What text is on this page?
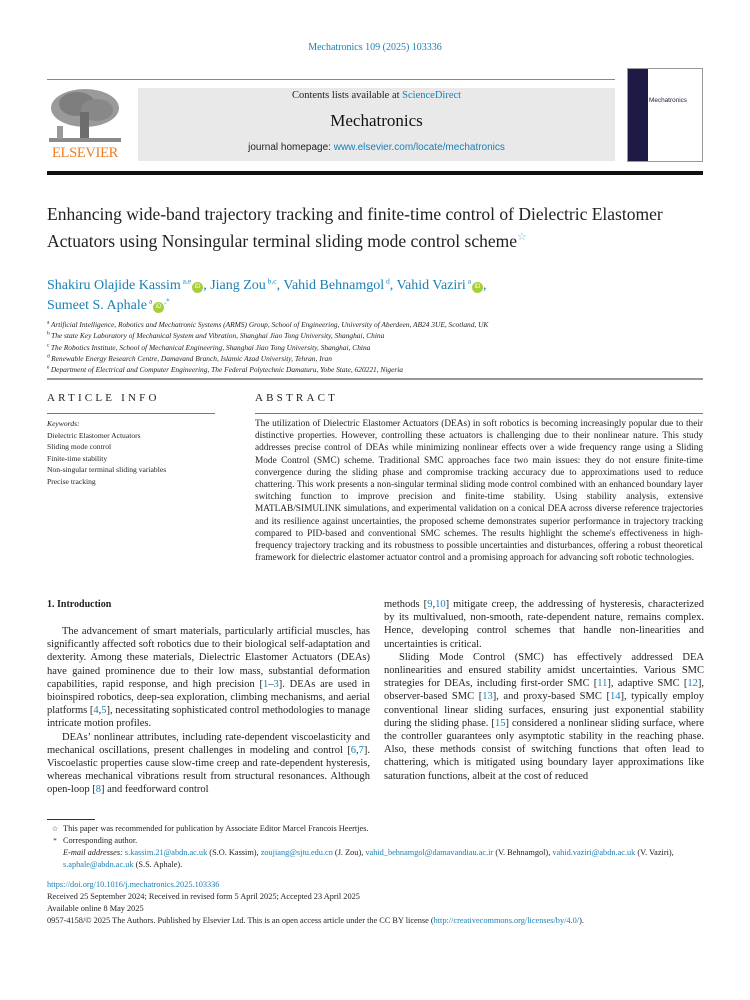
Mechatronics 109 (2025) 103336
ELSEVIER
Contents lists available at ScienceDirect
Mechatronics
journal homepage: www.elsevier.com/locate/mechatronics
Mechatronics
Enhancing wide-band trajectory tracking and finite-time control of Dielectric Elastomer Actuators using Nonsingular terminal sliding mode control scheme☆
Shakiru Olajide Kassim $^{a,e}$iD , Jiang Zou $^{b,c}$, Vahid Behnamgol $^d$, Vahid Vaziri $^a$iD ,
Sumeet S. Aphale $^a$iD,*
$^a$ Artificial Intelligence, Robotics and Mechatronic Systems (ARMS) Group, School of Engineering, University of Aberdeen, AB24 3UE, Scotland, UK
$^b$ The state Key Laboratory of Mechanical System and Vibration, Shanghai Jiao Tong University, Shanghai, China
$^c$ The Robotics Institute, School of Mechanical Engineering, Shanghai Jiao Tong University, Shanghai, China
$^d$ Renewable Energy Research Centre, Damavand Branch, Islamic Azad University, Tehran, Iran
$^e$ Department of Electrical and Computer Engineering, The Federal Polytechnic Damaturu, Yobe State, 620221, Nigeria
ARTICLE INFO
Keywords:
Dielectric Elastomer Actuators
Sliding mode control
Finite-time stability
Non-singular terminal sliding variables
Precise tracking
ABSTRACT
The utilization of Dielectric Elastomer Actuators (DEAs) in soft robotics is becoming increasingly popular due to their distinctive properties. However, controlling these actuators is challenging due to their nonlinear nature. This study addresses precise control of DEAs while minimizing nonlinear effects over a wide frequency range using a Sliding Mode Control (SMC) scheme. Traditional SMC approaches face two main issues: they do not ensure finite-time convergence during the sliding phase and compromise tracking accuracy due to approximations used to reduce chattering. This work presents a non-singular terminal sliding mode control combined with an enhanced boundary layer switching function to improve precision and finite-time stability. Using stability analysis, extensive MATLAB/SIMULINK simulations, and experimental validation on a conical DEA across diverse reference trajectories and its resilience against uncertainties, the proposed scheme demonstrates superior performance in trajectory tracking compared to PID-based and conventional SMC schemes. The results highlight the scheme's effectiveness in high-frequency trajectory tracking and its robustness to possible uncertainties and disturbances, offering a robust theoretical framework for dielectric elastomer actuator control and a promising approach for advancing soft robotic technologies.
1. Introduction

The advancement of smart materials, particularly artificial muscles, has significantly affected soft robotics due to their biological self-adaptation and dexterity. Among these materials, Dielectric Elastomer Actuators (DEAs) have gained prominence due to their low mass, substantial deformation capabilities, rapid response, and high precision [1–3]. DEAs are used in bioinspired robotics, deep-sea exploration, climbing mechanisms, and aerial platforms [4,5], necessitating sophisticated control methodologies to manage intricate motion profiles.

DEAs’ nonlinear attributes, including rate-dependent viscoelasticity and mechanical oscillations, present challenges in modeling and control [6,7]. Viscoelastic properties cause slow-time creep and rate-dependent hysteresis, whereas mechanical vibrations result from structural resonances. Although open-loop [8] and feedforward control

methods [9,10] mitigate creep, the addressing of hysteresis, characterized by its multivalued, non-smooth, rate-dependent nature, remains complex. Hence, developing control schemes that handle non-linearities and uncertainties is critical.

Sliding Mode Control (SMC) has effectively addressed DEA nonlinearities and ensured stability amidst uncertainties. Various SMC strategies for DEAs, including first-order SMC [11], adaptive SMC [12], observer-based SMC [13], and proxy-based SMC [14], typically employ conventional linear sliding surfaces, ensuring just exponential stability during the sliding phase. [15] considered a nonlinear sliding surface, where the controller guarantees only asymptotic stability in the reaching phase. Also, these methods consist of switching functions that often lead to chattering, which is mitigated using boundary layer approximations like saturation functions, albeit at the cost of reduced

☆ This paper was recommended for publication by Associate Editor Marcel Francois Heertjes.
* Corresponding author.
E-mail addresses: s.kassim.21@abdn.ac.uk (S.O. Kassim), zoujiang@sjtu.edu.cn (J. Zou), vahid_behnamgol@damavandiau.ac.ir (V. Behnamgol), vahid.vaziri@abdn.ac.uk (V. Vaziri), s.aphale@abdn.ac.uk (S.S. Aphale).
https://doi.org/10.1016/j.mechatronics.2025.103336
Received 25 September 2024; Received in revised form 5 April 2025; Accepted 23 April 2025
Available online 8 May 2025
0957-4158/© 2025 The Authors. Published by Elsevier Ltd. This is an open access article under the CC BY license (http://creativecommons.org/licenses/by/4.0/).
